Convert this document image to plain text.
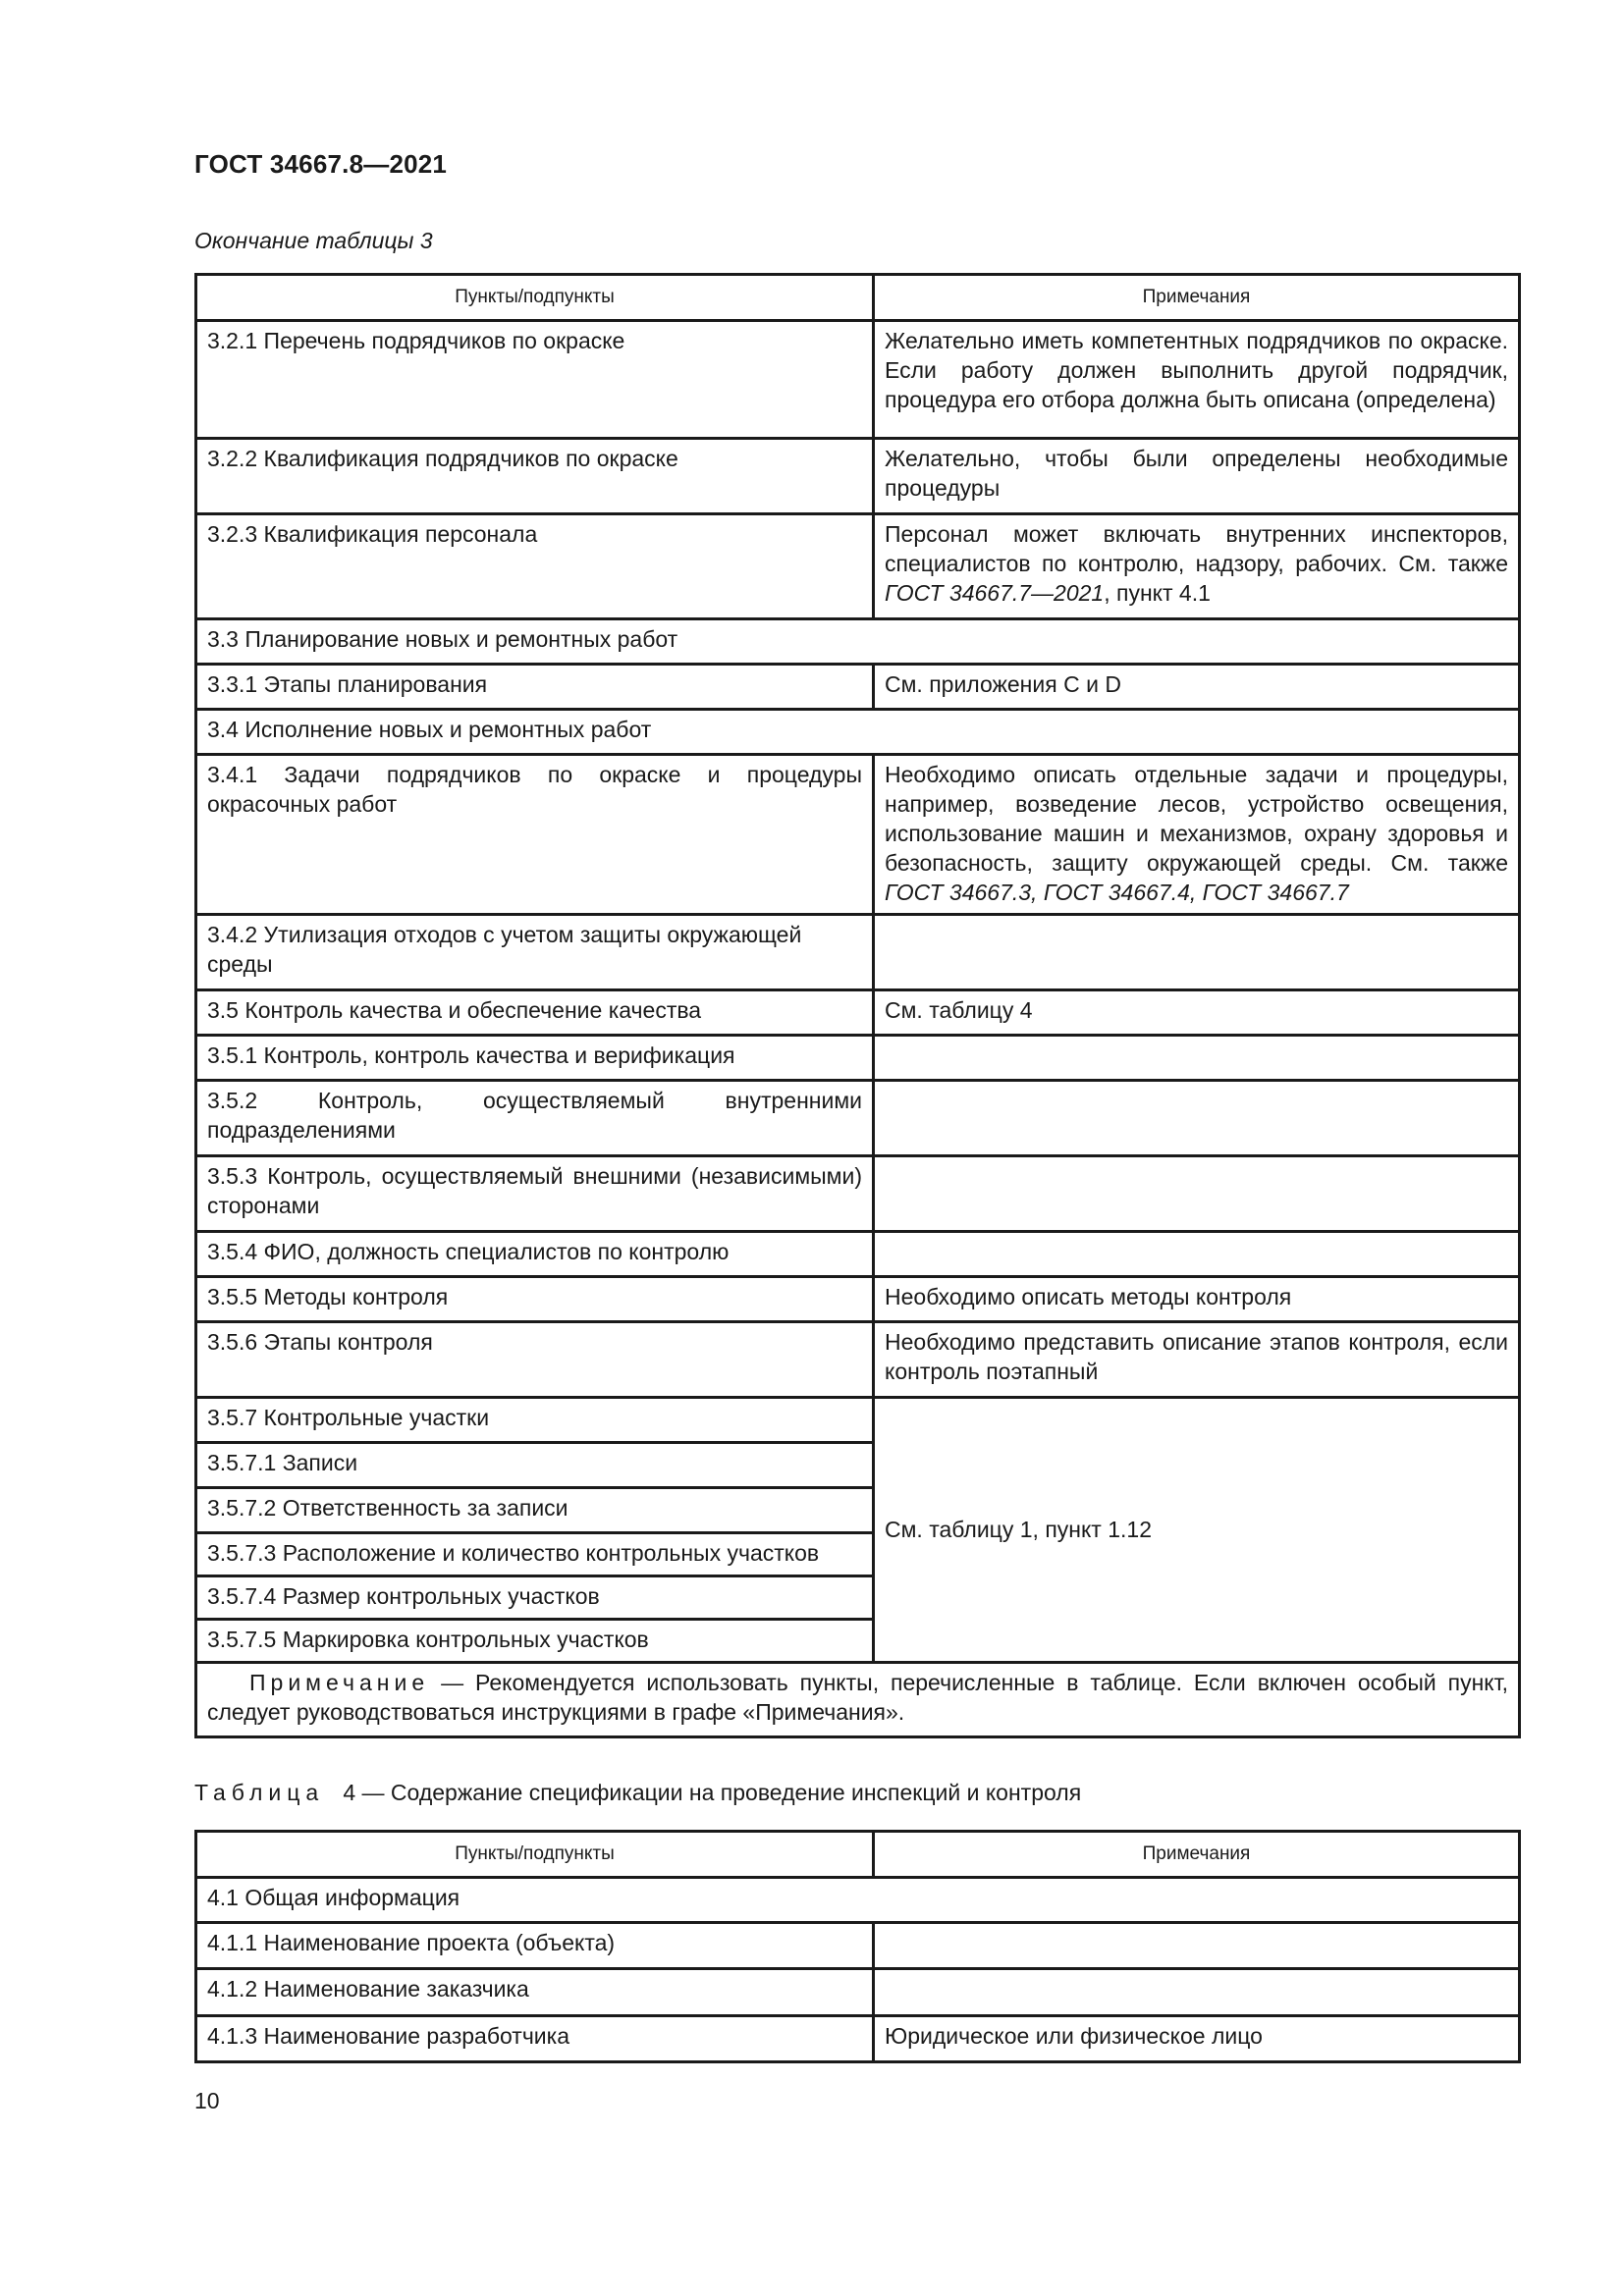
ГОСТ 34667.8—2021
Окончание таблицы 3
Пункты/подпункты	Примечания
3.2.1 Перечень подрядчиков по окраске	Желательно иметь компетентных подрядчиков по окраске. Если работу должен выполнить другой подрядчик, процедура его отбора должна быть описана (определена)
3.2.2 Квалификация подрядчиков по окраске	Желательно, чтобы были определены необходимые процедуры
3.2.3 Квалификация персонала	Персонал может включать внутренних инспекторов, специалистов по контролю, надзору, рабочих. См. также ГОСТ 34667.7—2021, пункт 4.1
3.3 Планирование новых и ремонтных работ	
3.3.1 Этапы планирования	См. приложения С и D
3.4 Исполнение новых и ремонтных работ	
3.4.1 Задачи подрядчиков по окраске и процедуры окрасочных работ	Необходимо описать отдельные задачи и процедуры, например, возведение лесов, устройство освещения, использование машин и механизмов, охрану здоровья и безопасность, защиту окружающей среды. См. также ГОСТ 34667.3, ГОСТ 34667.4, ГОСТ 34667.7
3.4.2 Утилизация отходов с учетом защиты окружающей среды	
3.5 Контроль качества и обеспечение качества	См. таблицу 4
3.5.1 Контроль, контроль качества и верификация	
3.5.2 Контроль, осуществляемый внутренними подразделениями	
3.5.3 Контроль, осуществляемый внешними (независимыми) сторонами	
3.5.4 ФИО, должность специалистов по контролю	
3.5.5 Методы контроля	Необходимо описать методы контроля
3.5.6 Этапы контроля	Необходимо представить описание этапов контроля, если контроль поэтапный
3.5.7 Контрольные участки	См. таблицу 1, пункт 1.12
3.5.7.1 Записи	
3.5.7.2 Ответственность за записи	
3.5.7.3 Расположение и количество контрольных участков	
3.5.7.4 Размер контрольных участков	
3.5.7.5 Маркировка контрольных участков	
Примечание — Рекомендуется использовать пункты, перечисленные в таблице. Если включен особый пункт, следует руководствоваться инструкциями в графе «Примечания».	
Таблица 4 — Содержание спецификации на проведение инспекций и контроля
Пункты/подпункты	Примечания
4.1 Общая информация	
4.1.1 Наименование проекта (объекта)	
4.1.2 Наименование заказчика	
4.1.3 Наименование разработчика	Юридическое или физическое лицо
10
